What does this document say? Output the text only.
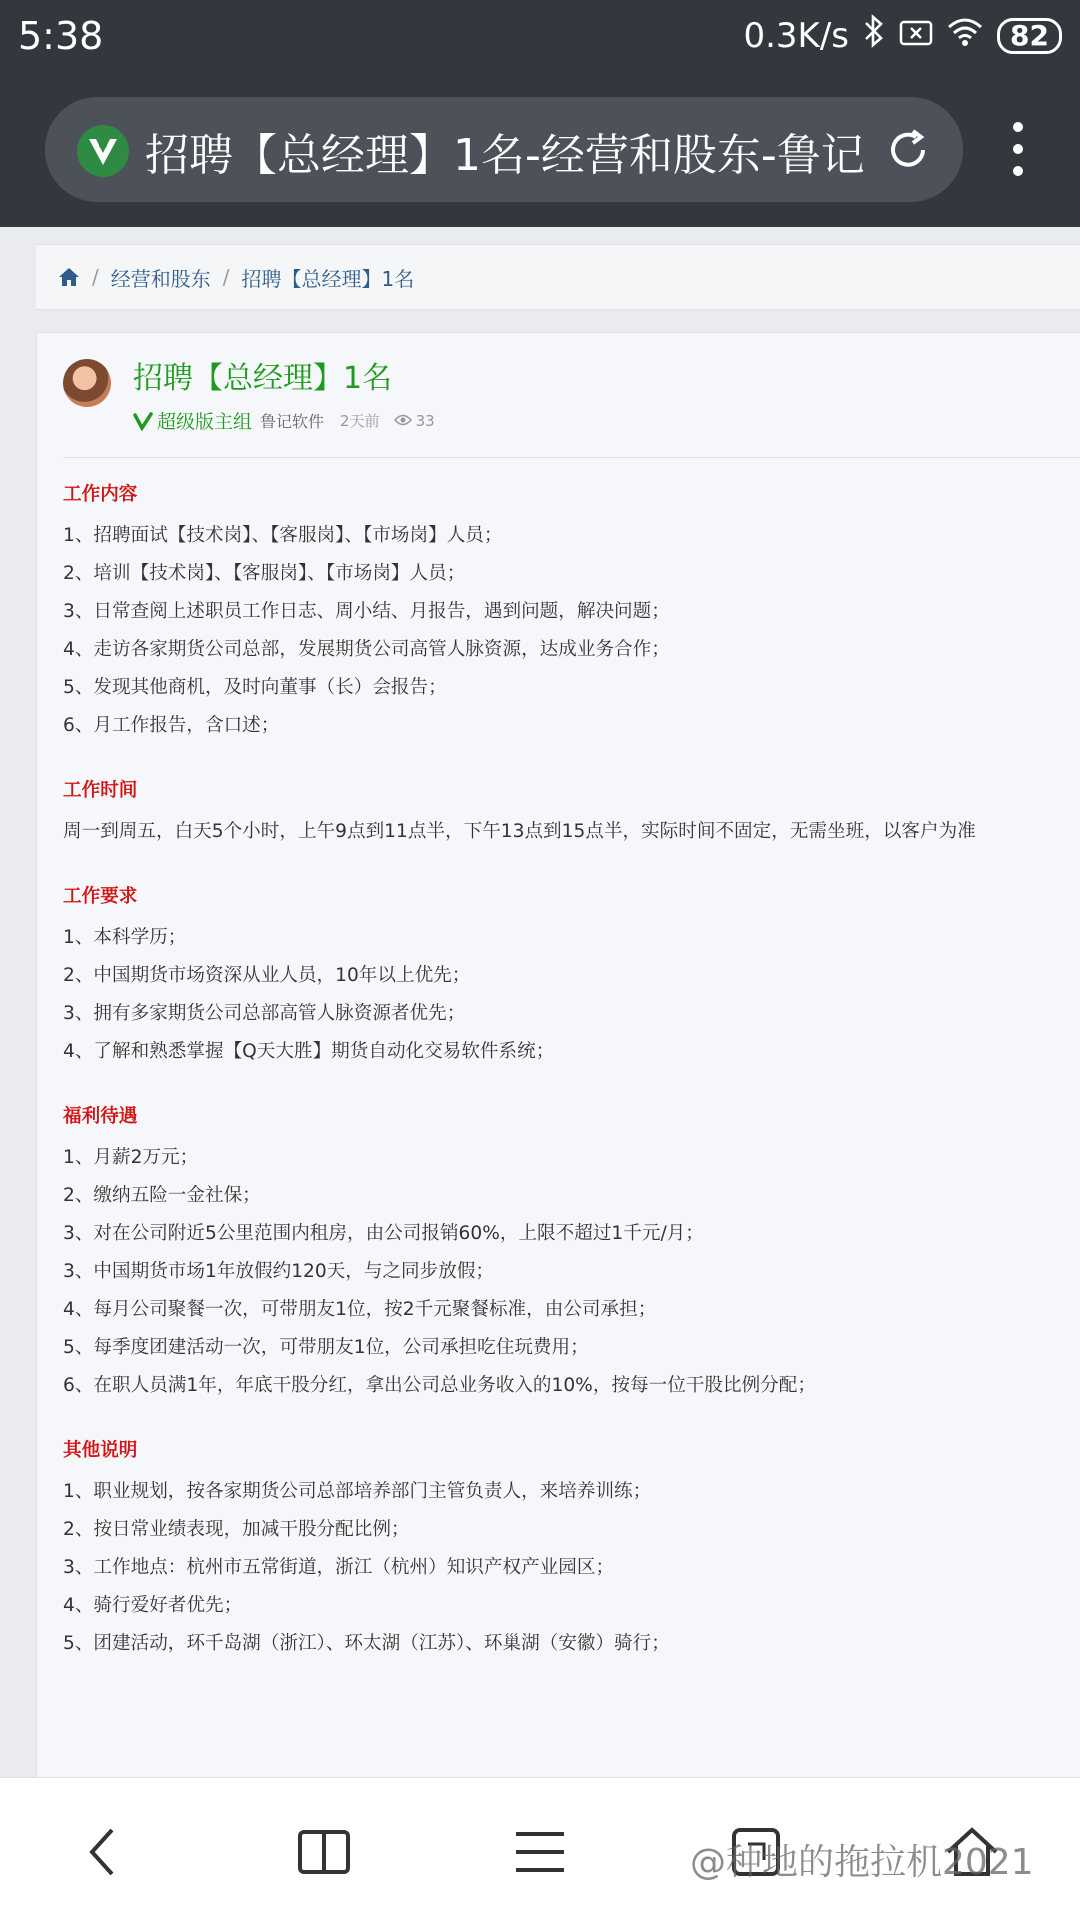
5:38	0.3K/s	82
招聘【总经理】1名-经营和股东-鲁记
/ 经营和股东 / 招聘【总经理】1名
招聘【总经理】1名
超级版主组 鲁记软件 2天前 33
工作内容
1、招聘面试【技术岗】、【客服岗】、【市场岗】人员；
2、培训【技术岗】、【客服岗】、【市场岗】人员；
3、日常查阅上述职员工作日志、周小结、月报告，遇到问题，解决问题；
4、走访各家期货公司总部，发展期货公司高管人脉资源，达成业务合作；
5、发现其他商机，及时向董事（长）会报告；
6、月工作报告，含口述；
工作时间
周一到周五，白天5个小时，上午9点到11点半，下午13点到15点半，实际时间不固定，无需坐班，以客户为准
工作要求
1、本科学历；
2、中国期货市场资深从业人员，10年以上优先；
3、拥有多家期货公司总部高管人脉资源者优先；
4、了解和熟悉掌握【Q天大胜】期货自动化交易软件系统；
福利待遇
1、月薪2万元；
2、缴纳五险一金社保；
3、对在公司附近5公里范围内租房，由公司报销60%，上限不超过1千元/月；
3、中国期货市场1年放假约120天，与之同步放假；
4、每月公司聚餐一次，可带朋友1位，按2千元聚餐标准，由公司承担；
5、每季度团建活动一次，可带朋友1位，公司承担吃住玩费用；
6、在职人员满1年，年底干股分红，拿出公司总业务收入的10%，按每一位干股比例分配；
其他说明
1、职业规划，按各家期货公司总部培养部门主管负责人，来培养训练；
2、按日常业绩表现，加减干股分配比例；
3、工作地点：杭州市五常街道，浙江（杭州）知识产权产业园区；
4、骑行爱好者优先；
5、团建活动，环千岛湖（浙江）、环太湖（江苏）、环巢湖（安徽）骑行；
@种地的拖拉机2021
